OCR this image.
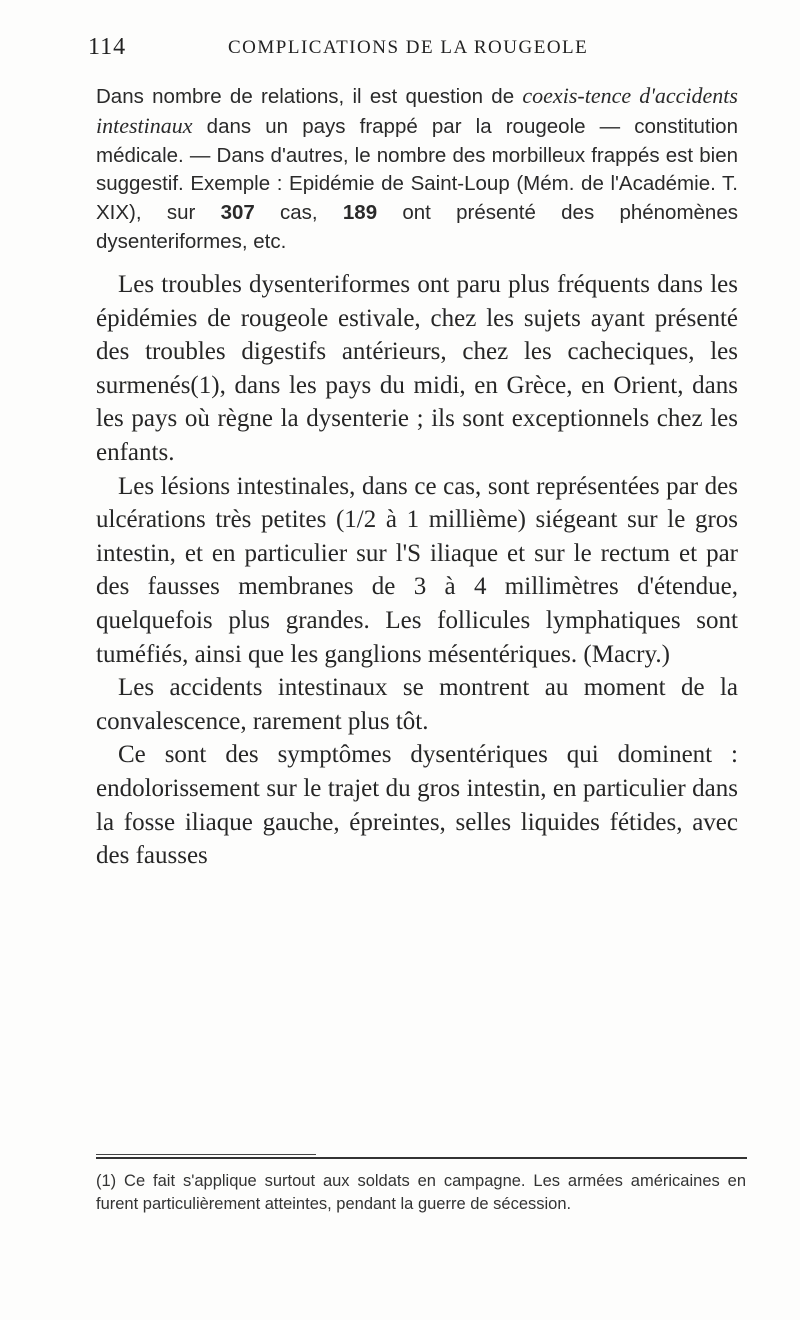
114	COMPLICATIONS DE LA ROUGEOLE

Dans nombre de relations, il est question de coexis-tence d'accidents intestinaux dans un pays frappé par la rougeole — constitution médicale. — Dans d'autres, le nombre des morbilleux frappés est bien suggestif. Exemple : Epidémie de Saint-Loup (Mém. de l'Académie. T. XIX), sur 307 cas, 189 ont présenté des phénomènes dysenteriformes, etc.

Les troubles dysenteriformes ont paru plus fréquents dans les épidémies de rougeole estivale, chez les sujets ayant présenté des troubles digestifs antérieurs, chez les cacheciques, les surmenés(1), dans les pays du midi, en Grèce, en Orient, dans les pays où règne la dysenterie ; ils sont exceptionnels chez les enfants.

Les lésions intestinales, dans ce cas, sont représentées par des ulcérations très petites (1/2 à 1 millième) siégeant sur le gros intestin, et en particulier sur l'S iliaque et sur le rectum et par des fausses membranes de 3 à 4 millimètres d'étendue, quelquefois plus grandes. Les follicules lymphatiques sont tuméfiés, ainsi que les ganglions mésentériques. (Macry.)

Les accidents intestinaux se montrent au moment de la convalescence, rarement plus tôt.

Ce sont des symptômes dysentériques qui dominent : endolorissement sur le trajet du gros intestin, en particulier dans la fosse iliaque gauche, épreintes, selles liquides fétides, avec des fausses

(1) Ce fait s'applique surtout aux soldats en campagne. Les armées américaines en furent particulièrement atteintes, pendant la guerre de sécession.
